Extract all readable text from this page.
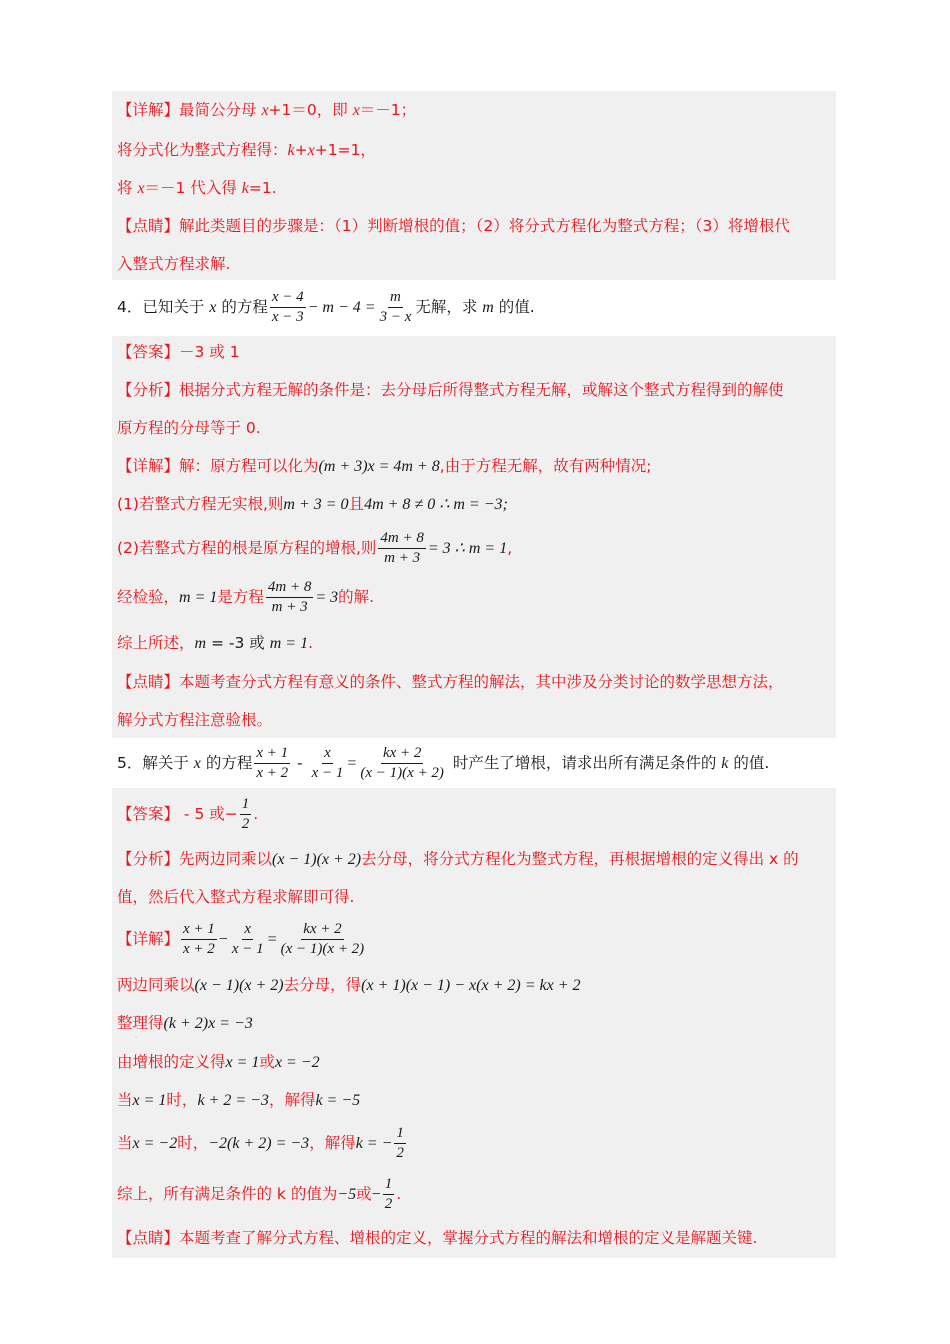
【详解】最简公分母 x+1＝0，即 x＝－1；
将分式化为整式方程得：k+x+1=1，
将 x＝－1 代入得 k=1.
【点睛】解此类题目的步骤是：（1）判断增根的值；（2）将分式方程化为整式方程；（3）将增根代
入整式方程求解.
4．已知关于 x 的方程 $\frac{x - 4}{x - 3} - m - 4 = \frac{m}{3 - x}$ 无解，求 m 的值.
【答案】－3 或 1
【分析】根据分式方程无解的条件是：去分母后所得整式方程无解，或解这个整式方程得到的解使
原方程的分母等于 0.
【详解】解：原方程可以化为(m + 3)x = 4m + 8,由于方程无解，故有两种情况;
(1)若整式方程无实根,则m + 3 = 0且4m + 8 ≠ 0 ∴ m = −3;
(2)若整式方程的根是原方程的增根,则 $\frac{4m + 8}{m + 3} = 3$ ∴ m = 1,
经检验，m = 1是方程 $\frac{4m + 8}{m + 3} = 3$的解.
综上所述，m = -3 或 m = 1.
【点睛】本题考查分式方程有意义的条件、整式方程的解法，其中涉及分类讨论的数学思想方法，
解分式方程注意验根。
5．解关于 x 的方程 $\frac{x + 1}{x + 2} - \frac{x}{x - 1} = \frac{kx + 2}{(x - 1)(x + 2)}$ 时产生了增根，请求出所有满足条件的 k 的值.
【答案】 - 5 或− $\frac{1}{2}$ .
【分析】先两边同乘以(x − 1)(x + 2)去分母，将分式方程化为整式方程，再根据增根的定义得出 x 的
值，然后代入整式方程求解即可得.
【详解】 $\frac{x + 1}{x + 2} - \frac{x}{x - 1} = \frac{kx + 2}{(x - 1)(x + 2)}$
两边同乘以(x − 1)(x + 2)去分母，得(x + 1)(x − 1) − x(x + 2) = kx + 2
整理得(k + 2)x = −3
由增根的定义得x = 1或x = −2
当x = 1时，k + 2 = −3，解得k = −5
当x = −2时，−2(k + 2) = −3，解得k = − $\frac{1}{2}$
综上，所有满足条件的 k 的值为−5或− $\frac{1}{2}$ .
【点睛】本题考查了解分式方程、增根的定义，掌握分式方程的解法和增根的定义是解题关键.
